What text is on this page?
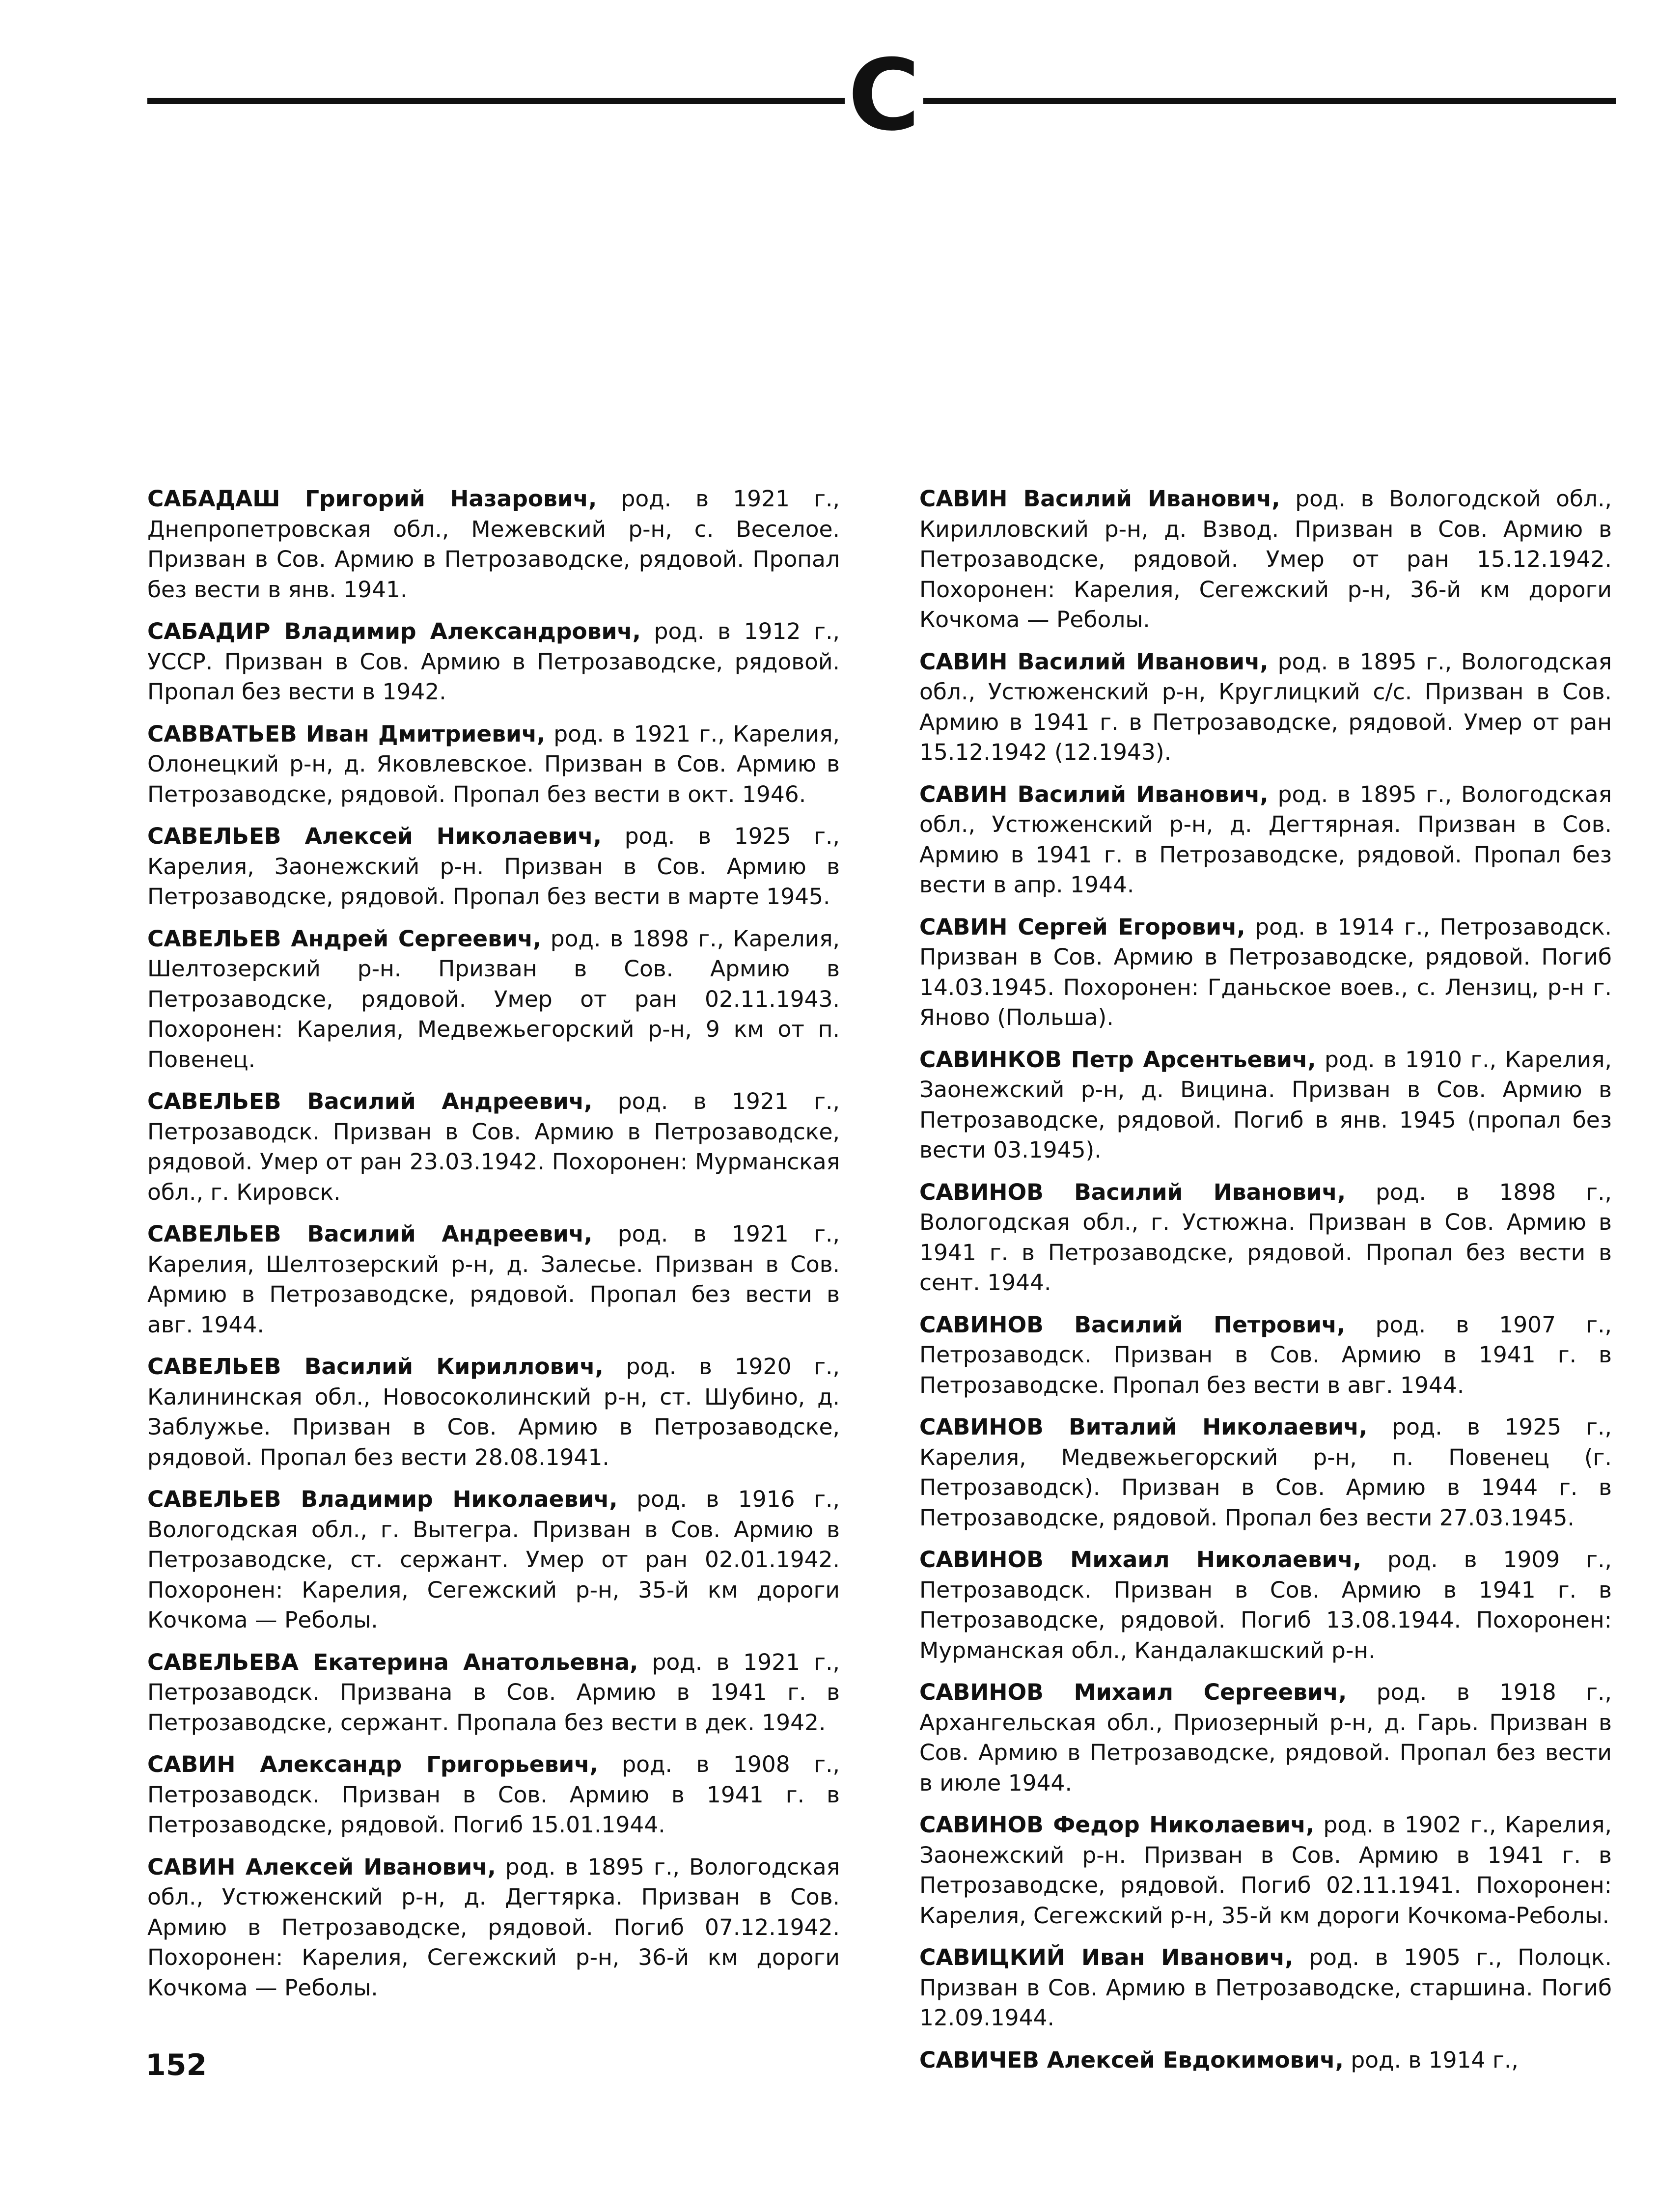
С

САБАДАШ Григорий Назарович, род. в 1921 г., Днепропетровская обл., Межевский р-н, с. Веселое. Призван в Сов. Армию в Петрозаводске, рядовой. Пропал без вести в янв. 1941.

САБАДИР Владимир Александрович, род. в 1912 г., УССР. Призван в Сов. Армию в Петрозаводске, рядовой. Пропал без вести в 1942.

САВВАТЬЕВ Иван Дмитриевич, род. в 1921 г., Карелия, Олонецкий р-н, д. Яковлевское. Призван в Сов. Армию в Петрозаводске, рядовой. Пропал без вести в окт. 1946.

САВЕЛЬЕВ Алексей Николаевич, род. в 1925 г., Карелия, Заонежский р-н. Призван в Сов. Армию в Петрозаводске, рядовой. Пропал без вести в марте 1945.

САВЕЛЬЕВ Андрей Сергеевич, род. в 1898 г., Карелия, Шелтозерский р-н. Призван в Сов. Армию в Петрозаводске, рядовой. Умер от ран 02.11.1943. Похоронен: Карелия, Медвежьегорский р-н, 9 км от п. Повенец.

САВЕЛЬЕВ Василий Андреевич, род. в 1921 г., Петрозаводск. Призван в Сов. Армию в Петрозаводске, рядовой. Умер от ран 23.03.1942. Похоронен: Мурманская обл., г. Кировск.

САВЕЛЬЕВ Василий Андреевич, род. в 1921 г., Карелия, Шелтозерский р-н, д. Залесье. Призван в Сов. Армию в Петрозаводске, рядовой. Пропал без вести в авг. 1944.

САВЕЛЬЕВ Василий Кириллович, род. в 1920 г., Калининская обл., Новосоколинский р-н, ст. Шубино, д. Заблужье. Призван в Сов. Армию в Петрозаводске, рядовой. Пропал без вести 28.08.1941.

САВЕЛЬЕВ Владимир Николаевич, род. в 1916 г., Вологодская обл., г. Вытегра. Призван в Сов. Армию в Петрозаводске, ст. сержант. Умер от ран 02.01.1942. Похоронен: Карелия, Сегежский р-н, 35-й км дороги Кочкома — Реболы.

САВЕЛЬЕВА Екатерина Анатольевна, род. в 1921 г., Петрозаводск. Призвана в Сов. Армию в 1941 г. в Петрозаводске, сержант. Пропала без вести в дек. 1942.

САВИН Александр Григорьевич, род. в 1908 г., Петрозаводск. Призван в Сов. Армию в 1941 г. в Петрозаводске, рядовой. Погиб 15.01.1944.

САВИН Алексей Иванович, род. в 1895 г., Вологодская обл., Устюженский р-н, д. Дегтярка. Призван в Сов. Армию в Петрозаводске, рядовой. Погиб 07.12.1942. Похоронен: Карелия, Сегежский р-н, 36-й км дороги Кочкома — Реболы.

САВИН Василий Иванович, род. в Вологодской обл., Кирилловский р-н, д. Взвод. Призван в Сов. Армию в Петрозаводске, рядовой. Умер от ран 15.12.1942. Похоронен: Карелия, Сегежский р-н, 36-й км дороги Кочкома — Реболы.

САВИН Василий Иванович, род. в 1895 г., Вологодская обл., Устюженский р-н, Круглицкий с/с. Призван в Сов. Армию в 1941 г. в Петрозаводске, рядовой. Умер от ран 15.12.1942 (12.1943).

САВИН Василий Иванович, род. в 1895 г., Вологодская обл., Устюженский р-н, д. Дегтярная. Призван в Сов. Армию в 1941 г. в Петрозаводске, рядовой. Пропал без вести в апр. 1944.

САВИН Сергей Егорович, род. в 1914 г., Петрозаводск. Призван в Сов. Армию в Петрозаводске, рядовой. Погиб 14.03.1945. Похоронен: Гданьское воев., с. Лензиц, р-н г. Яново (Польша).

САВИНКОВ Петр Арсентьевич, род. в 1910 г., Карелия, Заонежский р-н, д. Вицина. Призван в Сов. Армию в Петрозаводске, рядовой. Погиб в янв. 1945 (пропал без вести 03.1945).

САВИНОВ Василий Иванович, род. в 1898 г., Вологодская обл., г. Устюжна. Призван в Сов. Армию в 1941 г. в Петрозаводске, рядовой. Пропал без вести в сент. 1944.

САВИНОВ Василий Петрович, род. в 1907 г., Петрозаводск. Призван в Сов. Армию в 1941 г. в Петрозаводске. Пропал без вести в авг. 1944.

САВИНОВ Виталий Николаевич, род. в 1925 г., Карелия, Медвежьегорский р-н, п. Повенец (г. Петрозаводск). Призван в Сов. Армию в 1944 г. в Петрозаводске, рядовой. Пропал без вести 27.03.1945.

САВИНОВ Михаил Николаевич, род. в 1909 г., Петрозаводск. Призван в Сов. Армию в 1941 г. в Петрозаводске, рядовой. Погиб 13.08.1944. Похоронен: Мурманская обл., Кандалакшский р-н.

САВИНОВ Михаил Сергеевич, род. в 1918 г., Архангельская обл., Приозерный р-н, д. Гарь. Призван в Сов. Армию в Петрозаводске, рядовой. Пропал без вести в июле 1944.

САВИНОВ Федор Николаевич, род. в 1902 г., Карелия, Заонежский р-н. Призван в Сов. Армию в 1941 г. в Петрозаводске, рядовой. Погиб 02.11.1941. Похоронен: Карелия, Сегежский р-н, 35-й км дороги Кочкома-Реболы.

САВИЦКИЙ Иван Иванович, род. в 1905 г., Полоцк. Призван в Сов. Армию в Петрозаводске, старшина. Погиб 12.09.1944.

САВИЧЕВ Алексей Евдокимович, род. в 1914 г.,

152
